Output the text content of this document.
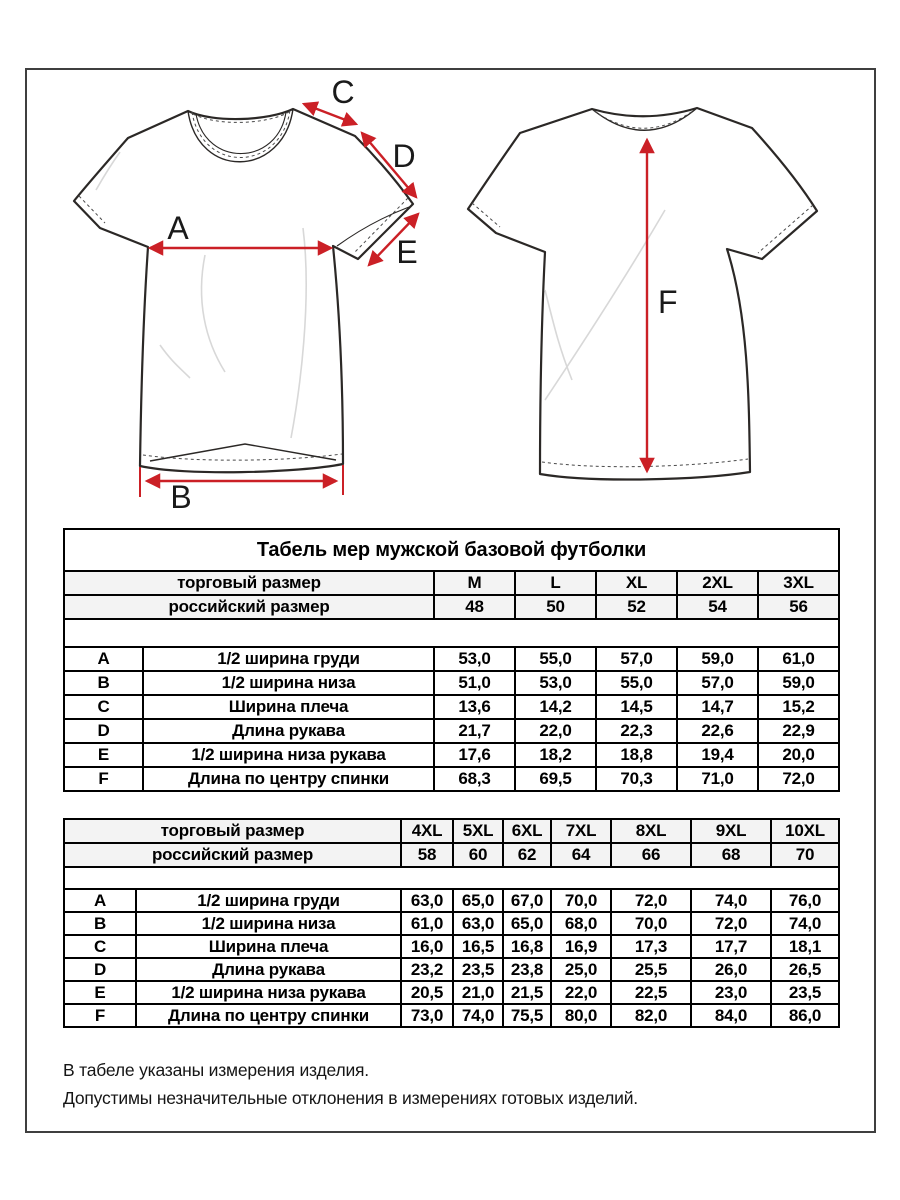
A
B
C
D
E
F
Табель мер мужской базовой футболки						
торговый размер		M	L	XL	2XL	3XL
российский размер		48	50	52	54	56

A	1/2 ширина груди	53,0	55,0	57,0	59,0	61,0
B	1/2 ширина низа	51,0	53,0	55,0	57,0	59,0
C	Ширина плеча	13,6	14,2	14,5	14,7	15,2
D	Длина рукава	21,7	22,0	22,3	22,6	22,9
E	1/2 ширина низа рукава	17,6	18,2	18,8	19,4	20,0
F	Длина по центру спинки	68,3	69,5	70,3	71,0	72,0
торговый размер		4XL	5XL	6XL	7XL	8XL	9XL	10XL
российский размер		58	60	62	64	66	68	70

A	1/2 ширина груди	63,0	65,0	67,0	70,0	72,0	74,0	76,0
B	1/2 ширина низа	61,0	63,0	65,0	68,0	70,0	72,0	74,0
C	Ширина плеча	16,0	16,5	16,8	16,9	17,3	17,7	18,1
D	Длина рукава	23,2	23,5	23,8	25,0	25,5	26,0	26,5
E	1/2 ширина низа рукава	20,5	21,0	21,5	22,0	22,5	23,0	23,5
F	Длина по центру спинки	73,0	74,0	75,5	80,0	82,0	84,0	86,0
В табеле указаны измерения изделия.
Допустимы незначительные отклонения в измерениях готовых изделий.
